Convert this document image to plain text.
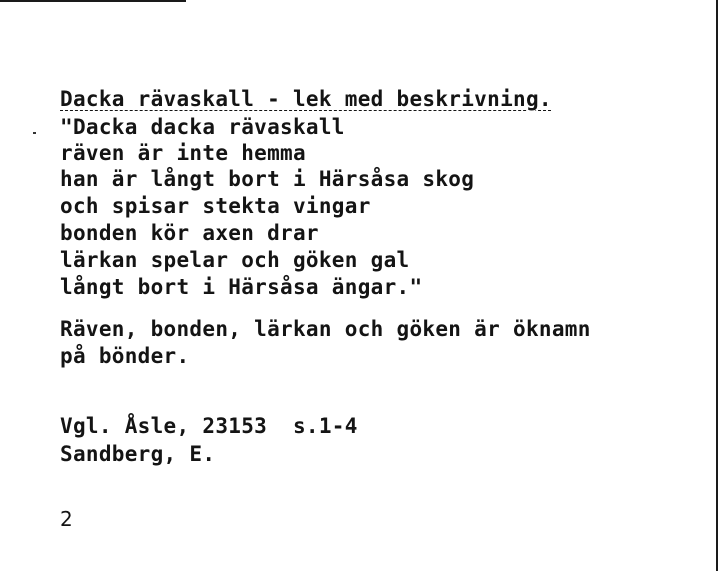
Dacka rävaskall - lek med beskrivning.
"Dacka dacka rävaskall
räven är inte hemma
han är långt bort i Härsåsa skog
och spisar stekta vingar
bonden kör axen drar
lärkan spelar och göken gal
långt bort i Härsåsa ängar."
Räven, bonden, lärkan och göken är öknamn
på bönder.
Vgl. Åsle, 23153  s.1-4
Sandberg, E.
2
